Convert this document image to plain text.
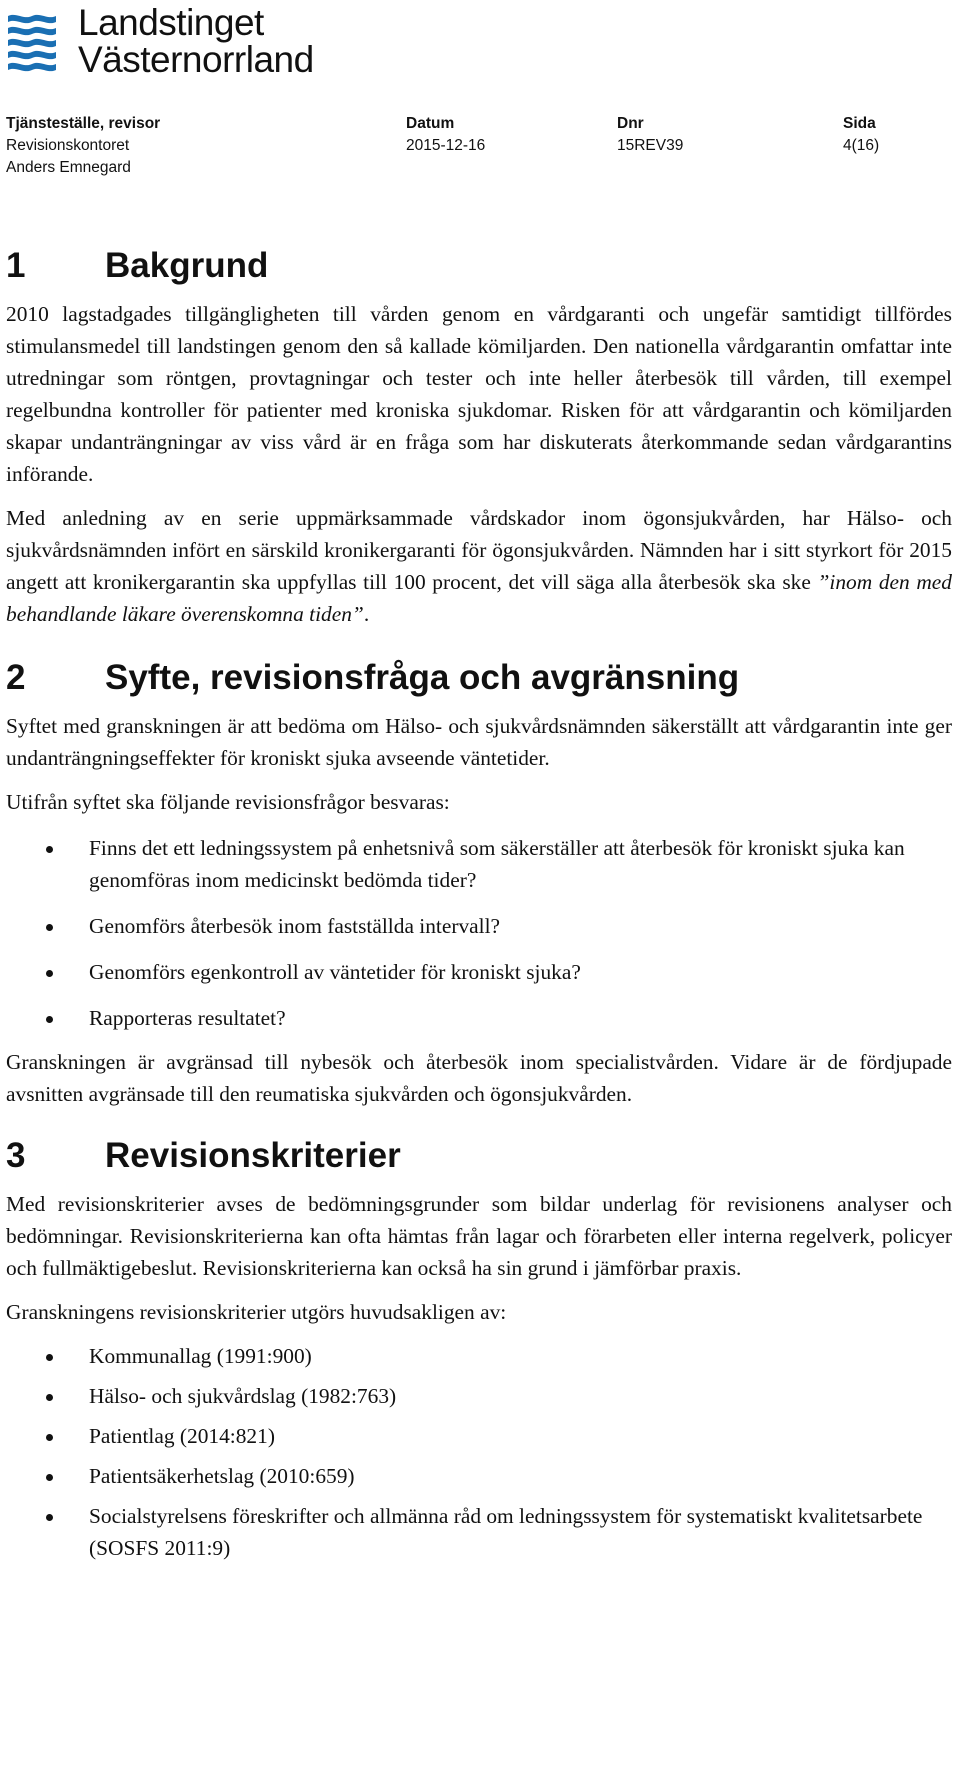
Landstinget
Västernorrland
Tjänsteställe, revisor
Revisionskontoret
Anders Emnegard
Datum
2015-12-16
Dnr
15REV39
Sida
4(16)
1 Bakgrund

2010 lagstadgades tillgängligheten till vården genom en vårdgaranti och ungefär samtidigt tillfördes stimulansmedel till landstingen genom den så kallade kömiljarden. Den nationella vårdgarantin omfattar inte utredningar som röntgen, provtagningar och tester och inte heller återbesök till vården, till exempel regelbundna kontroller för patienter med kroniska sjukdomar. Risken för att vårdgarantin och kömiljarden skapar undanträngningar av viss vård är en fråga som har diskuterats återkommande sedan vårdgarantins införande.

Med anledning av en serie uppmärksammade vårdskador inom ögonsjukvården, har Hälso- och sjukvårdsnämnden infört en särskild kronikergaranti för ögonsjukvården. Nämnden har i sitt styrkort för 2015 angett att kronikergarantin ska uppfyllas till 100 procent, det vill säga alla återbesök ska ske ”inom den med behandlande läkare överenskomna tiden”.

2 Syfte, revisionsfråga och avgränsning

Syftet med granskningen är att bedöma om Hälso- och sjukvårdsnämnden säkerställt att vårdgarantin inte ger undanträngningseffekter för kroniskt sjuka avseende väntetider.

Utifrån syftet ska följande revisionsfrågor besvaras:

Finns det ett ledningssystem på enhetsnivå som säkerställer att återbesök för kroniskt sjuka kan genomföras inom medicinskt bedömda tider?
Genomförs återbesök inom fastställda intervall?
Genomförs egenkontroll av väntetider för kroniskt sjuka?
Rapporteras resultatet?

Granskningen är avgränsad till nybesök och återbesök inom specialistvården. Vidare är de fördjupade avsnitten avgränsade till den reumatiska sjukvården och ögonsjukvården.

3 Revisionskriterier

Med revisionskriterier avses de bedömningsgrunder som bildar underlag för revisionens analyser och bedömningar. Revisionskriterierna kan ofta hämtas från lagar och förarbeten eller interna regelverk, policyer och fullmäktigebeslut. Revisionskriterierna kan också ha sin grund i jämförbar praxis.

Granskningens revisionskriterier utgörs huvudsakligen av:

Kommunallag (1991:900)
Hälso- och sjukvårdslag (1982:763)
Patientlag (2014:821)
Patientsäkerhetslag (2010:659)
Socialstyrelsens föreskrifter och allmänna råd om ledningssystem för systematiskt kvalitetsarbete (SOSFS 2011:9)
